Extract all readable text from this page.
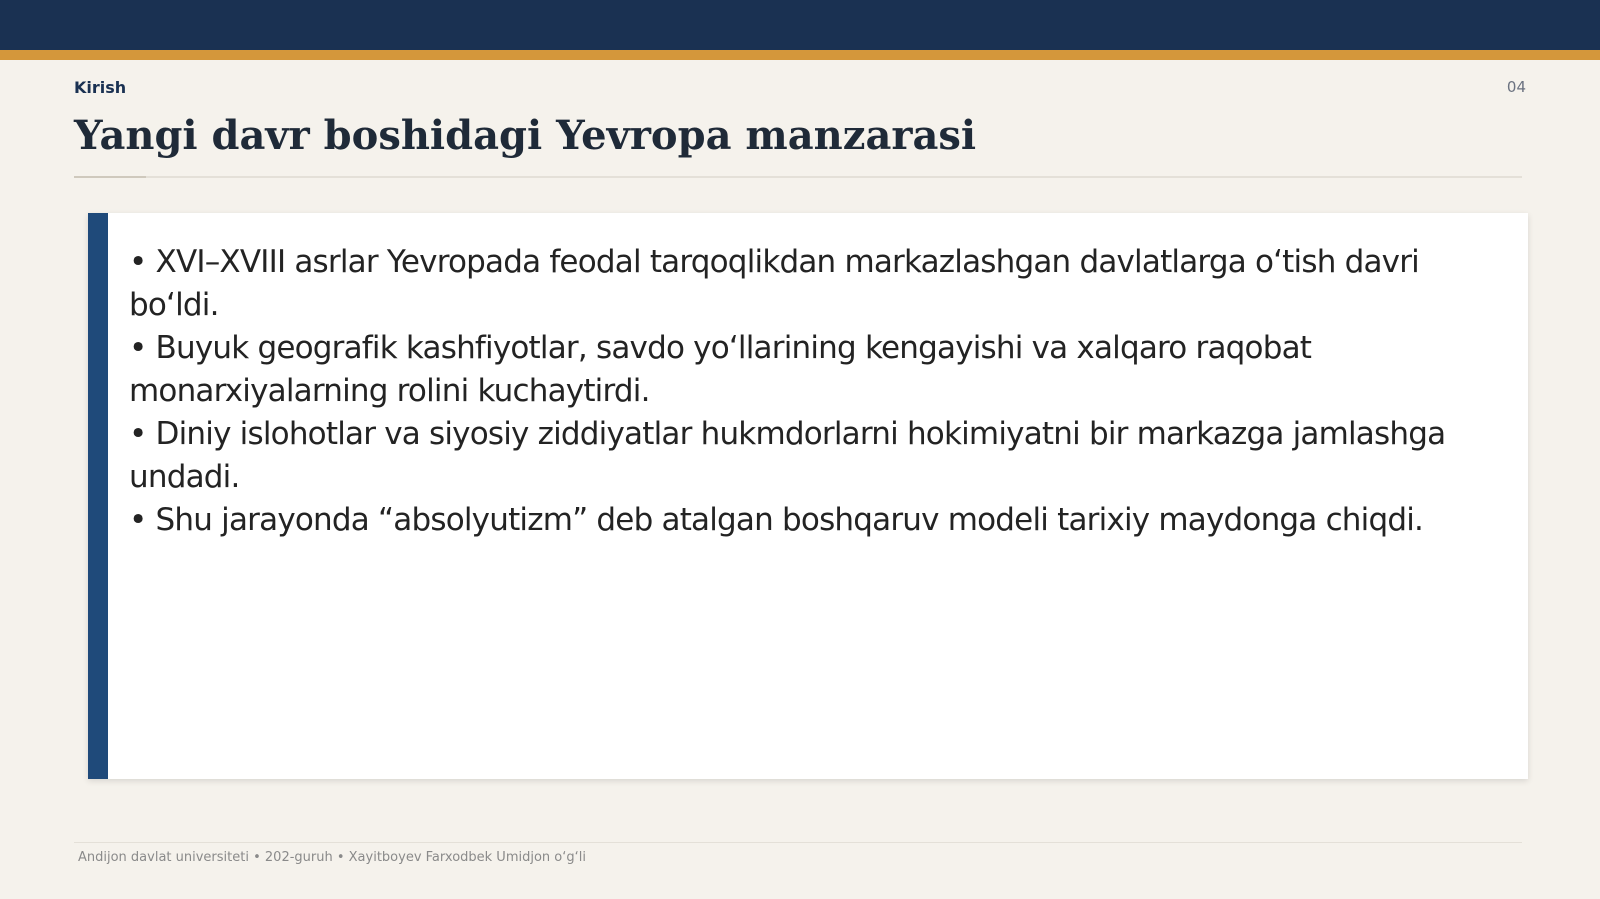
Kirish	04
Yangi davr boshidagi Yevropa manzarasi
• XVI–XVIII asrlar Yevropada feodal tarqoqlikdan markazlashgan davlatlarga o‘tish davri bo‘ldi.
• Buyuk geografik kashfiyotlar, savdo yo‘llarining kengayishi va xalqaro raqobat monarxiyalarning rolini kuchaytirdi.
• Diniy islohotlar va siyosiy ziddiyatlar hukmdorlarni hokimiyatni bir markazga jamlashga undadi.
• Shu jarayonda “absolyutizm” deb atalgan boshqaruv modeli tarixiy maydonga chiqdi.
Andijon davlat universiteti • 202-guruh • Xayitboyev Farxodbek Umidjon o‘g‘li
